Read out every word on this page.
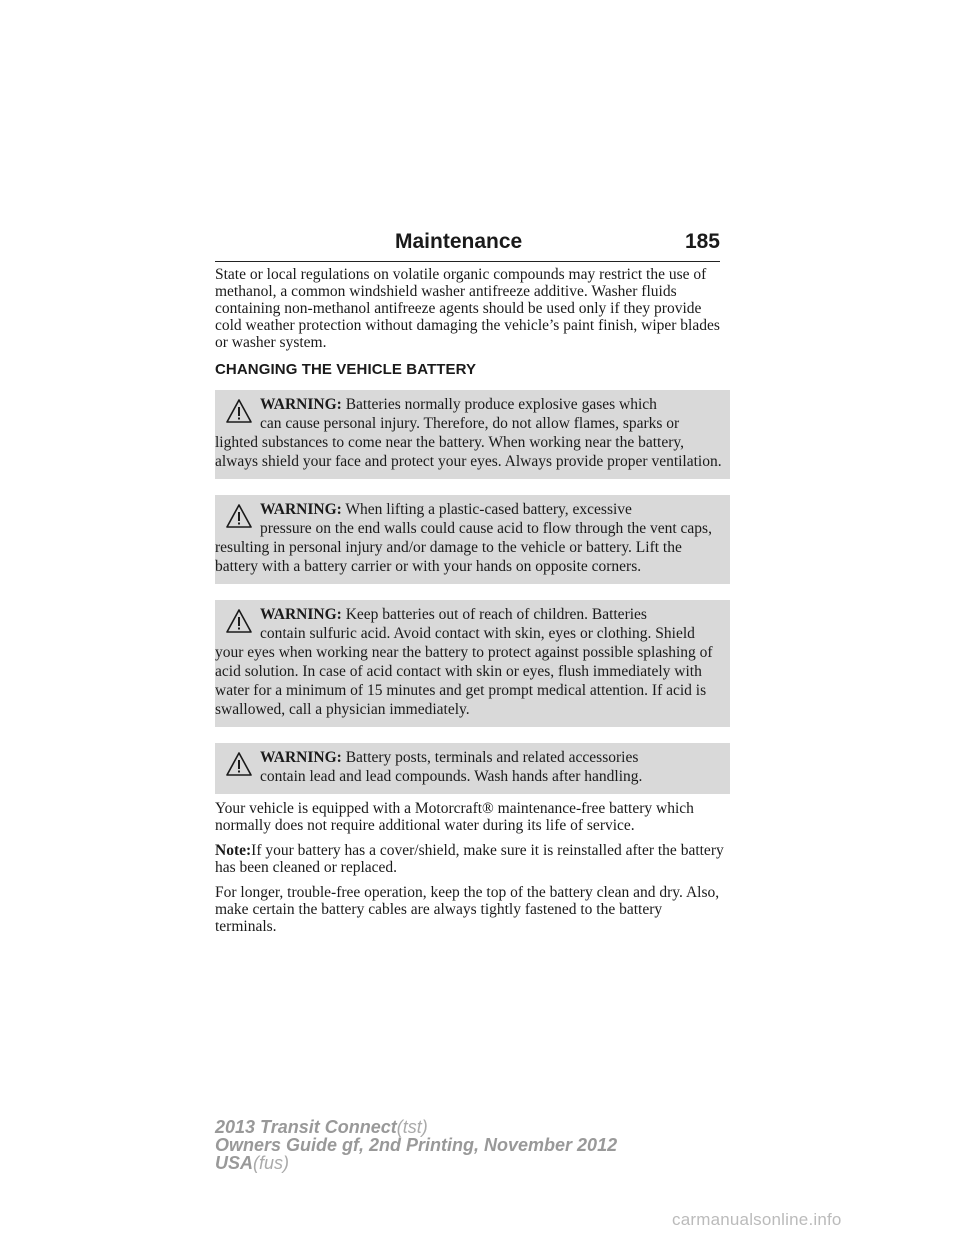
Maintenance	185

State or local regulations on volatile organic compounds may restrict the use of methanol, a common windshield washer antifreeze additive. Washer fluids containing non-methanol antifreeze agents should be used only if they provide cold weather protection without damaging the vehicle’s paint finish, wiper blades or washer system.

CHANGING THE VEHICLE BATTERY
WARNING: Batteries normally produce explosive gases which
can cause personal injury. Therefore, do not allow flames, sparks or lighted substances to come near the battery. When working near the battery, always shield your face and protect your eyes. Always provide proper ventilation.
WARNING: When lifting a plastic-cased battery, excessive
pressure on the end walls could cause acid to flow through the vent caps, resulting in personal injury and/or damage to the vehicle or battery. Lift the battery with a battery carrier or with your hands on opposite corners.
WARNING: Keep batteries out of reach of children. Batteries
contain sulfuric acid. Avoid contact with skin, eyes or clothing. Shield your eyes when working near the battery to protect against possible splashing of acid solution. In case of acid contact with skin or eyes, flush immediately with water for a minimum of 15 minutes and get prompt medical attention. If acid is swallowed, call a physician immediately.
WARNING: Battery posts, terminals and related accessories
contain lead and lead compounds. Wash hands after handling.

Your vehicle is equipped with a Motorcraft® maintenance-free battery which normally does not require additional water during its life of service.

Note:If your battery has a cover/shield, make sure it is reinstalled after the battery has been cleaned or replaced.

For longer, trouble-free operation, keep the top of the battery clean and dry. Also, make certain the battery cables are always tightly fastened to the battery terminals.

2013 Transit Connect(tst)
Owners Guide gf, 2nd Printing, November 2012
USA(fus)
carmanualsonline.info
